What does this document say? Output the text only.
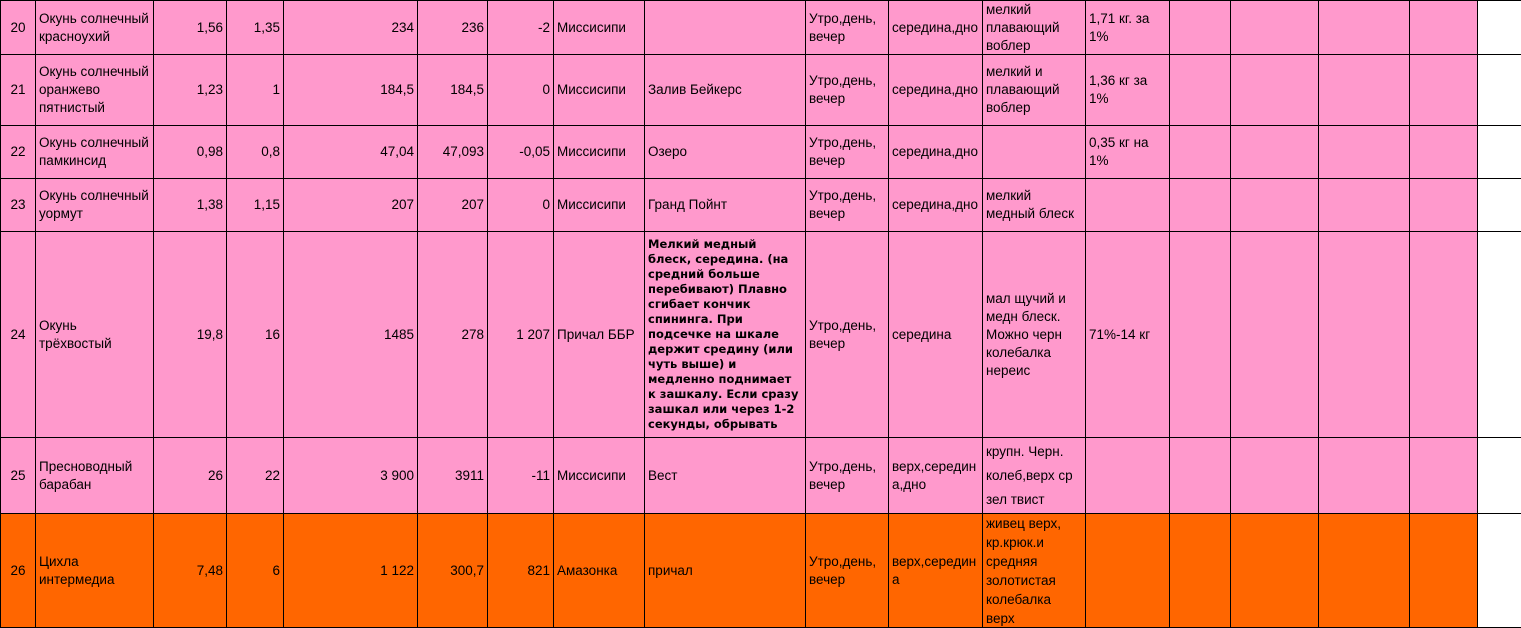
20	Окунь солнечный красноухий	1,56	1,35	234	236	-2	Миссисипи		Утро,день, вечер	середина,дно	мелкий плавающий воблер	1,71 кг. за 1%					
21	Окунь солнечный оранжево пятнистый	1,23	1	184,5	184,5	0	Миссисипи	Залив Бейкерс	Утро,день, вечер	середина,дно	мелкий и плавающий воблер	1,36 кг за 1%					
22	Окунь солнечный памкинсид	0,98	0,8	47,04	47,093	-0,05	Миссисипи	Озеро	Утро,день, вечер	середина,дно		0,35 кг на 1%					
23	Окунь солнечный уормут	1,38	1,15	207	207	0	Миссисипи	Гранд Пойнт	Утро,день, вечер	середина,дно	мелкий медный блеск						
24	Окунь трёхвостый	19,8	16	1485	278	1 207	Причал ББР	Мелкий медный блеск, середина. (на средний больше перебивают) Плавно сгибает кончик спининга. При подсечке на шкале держит средину (или чуть выше) и медленно поднимает к зашкалу. Если сразу зашкал или через 1-2 секунды, обрывать	Утро,день, вечер	середина	мал щучий и медн блеск. Можно черн колебалка нереис	71%-14 кг					
25	Пресноводный барабан	26	22	3 900	3911	-11	Миссисипи	Вест	Утро,день, вечер	верх,середина,дно	крупн. Черн. колеб,верх ср зел твист						

26	Цихла интермедиа	7,48	6	1 122	300,7	821	Амазонка	причал	Утро,день, вечер	верх,середина	живец верх, кр.крюк.и средняя золотистая колебалка верх						
